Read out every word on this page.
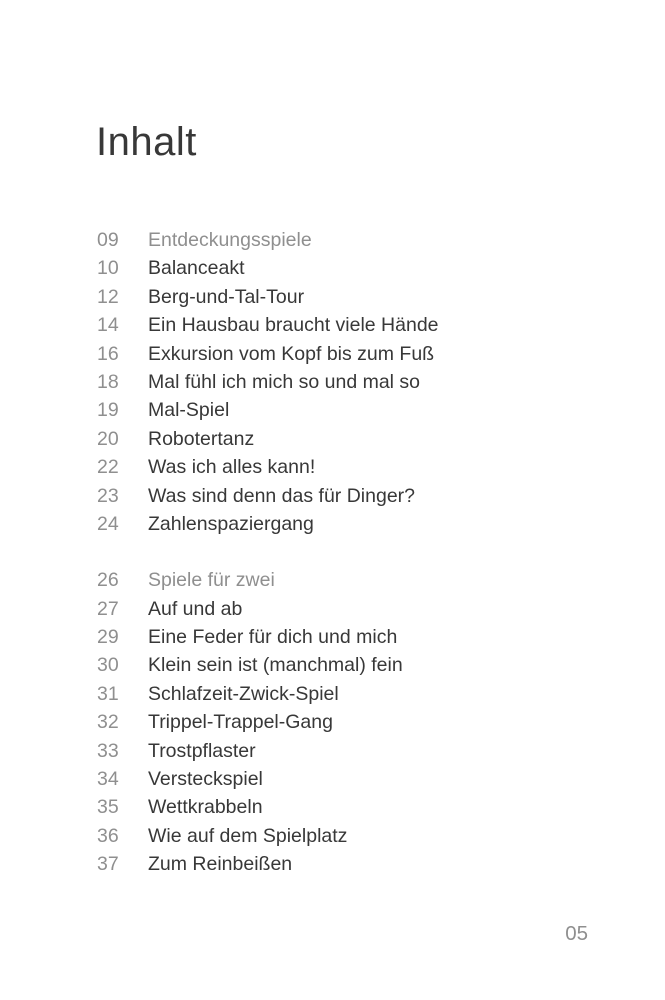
Inhalt
09	Entdeckungsspiele
10	Balanceakt
12	Berg-und-Tal-Tour
14	Ein Hausbau braucht viele Hände
16	Exkursion vom Kopf bis zum Fuß
18	Mal fühl ich mich so und mal so
19	Mal-Spiel
20	Robotertanz
22	Was ich alles kann!
23	Was sind denn das für Dinger?
24	Zahlenspaziergang
26	Spiele für zwei
27	Auf und ab
29	Eine Feder für dich und mich
30	Klein sein ist (manchmal) fein
31	Schlafzeit-Zwick-Spiel
32	Trippel-Trappel-Gang
33	Trostpflaster
34	Versteckspiel
35	Wettkrabbeln
36	Wie auf dem Spielplatz
37	Zum Reinbeißen
05
